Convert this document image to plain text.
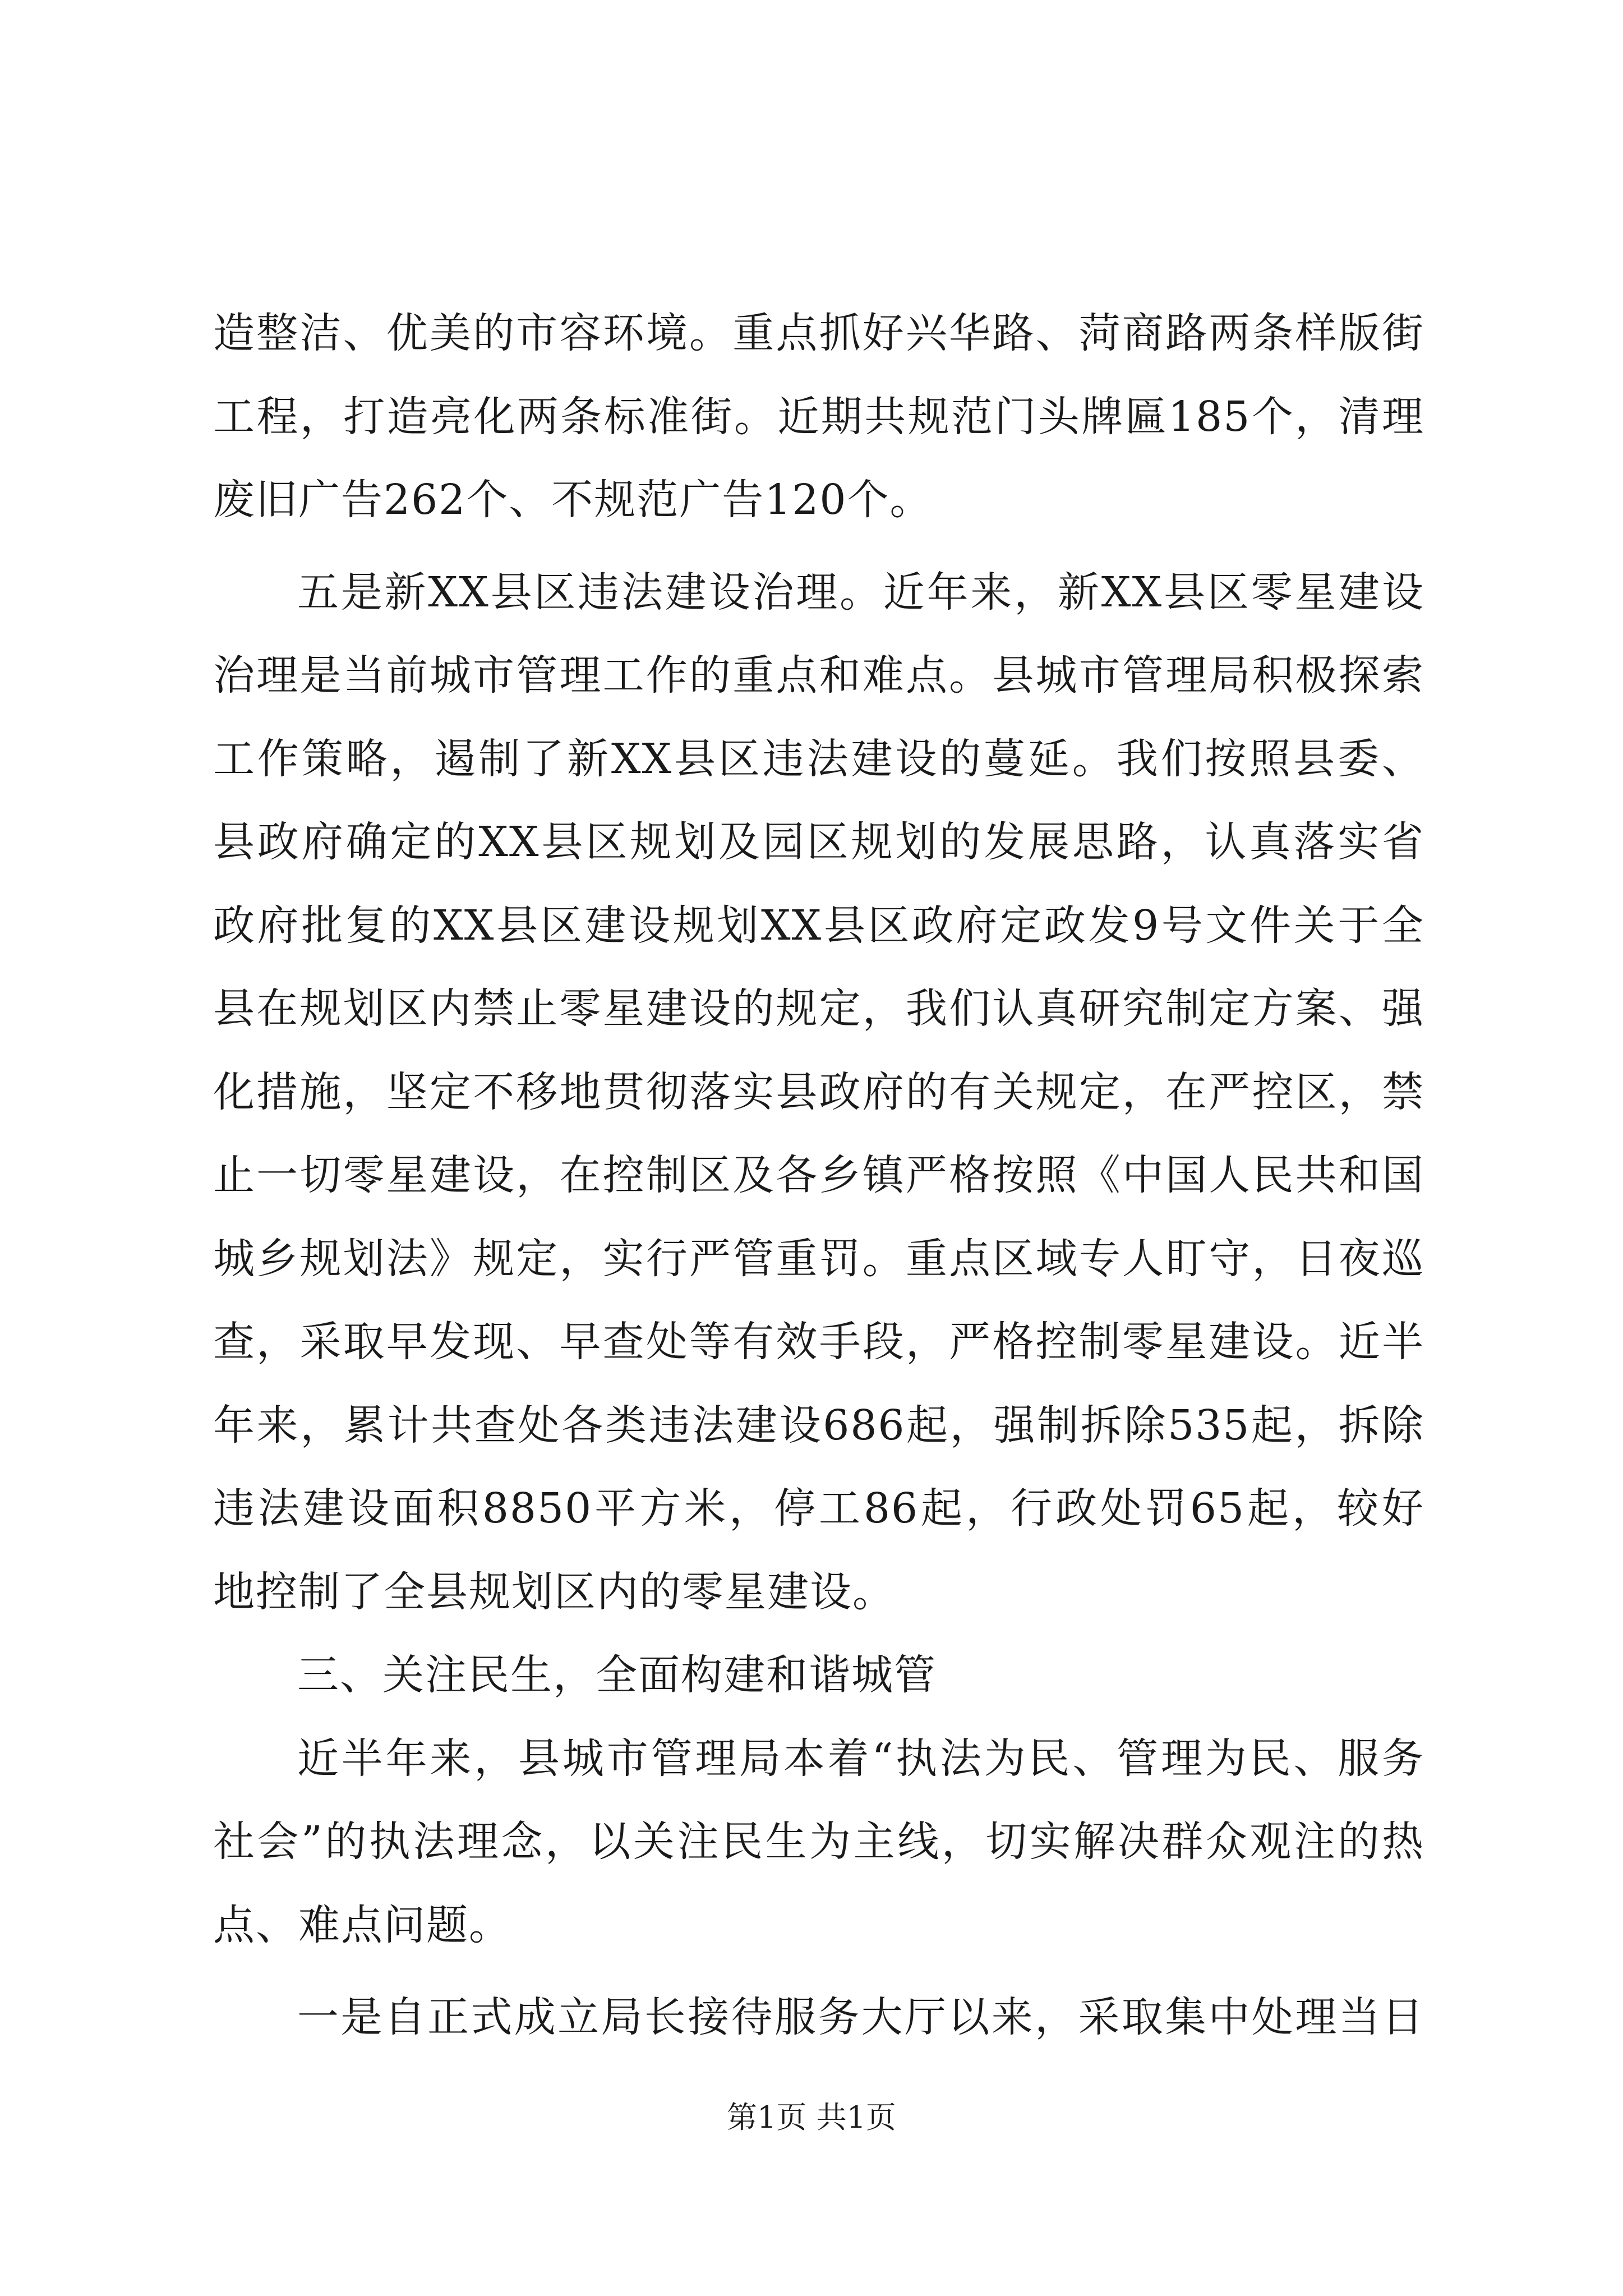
造整洁、优美的市容环境。重点抓好兴华路、菏商路两条样版街
工程，打造亮化两条标准街。近期共规范门头牌匾185个，清理
废旧广告262个、不规范广告120个。
五是新XX县区违法建设治理。近年来，新XX县区零星建设
治理是当前城市管理工作的重点和难点。县城市管理局积极探索
工作策略，遏制了新XX县区违法建设的蔓延。我们按照县委、
县政府确定的XX县区规划及园区规划的发展思路，认真落实省
政府批复的XX县区建设规划XX县区政府定政发9号文件关于全
县在规划区内禁止零星建设的规定，我们认真研究制定方案、强
化措施，坚定不移地贯彻落实县政府的有关规定，在严控区，禁
止一切零星建设，在控制区及各乡镇严格按照《中国人民共和国
城乡规划法》规定，实行严管重罚。重点区域专人盯守，日夜巡
查，采取早发现、早查处等有效手段，严格控制零星建设。近半
年来，累计共查处各类违法建设686起，强制拆除535起，拆除
违法建设面积8850平方米，停工86起，行政处罚65起，较好
地控制了全县规划区内的零星建设。
三、关注民生，全面构建和谐城管
近半年来，县城市管理局本着“执法为民、管理为民、服务
社会”的执法理念，以关注民生为主线，切实解决群众观注的热
点、难点问题。
一是自正式成立局长接待服务大厅以来，采取集中处理当日
第1页 共1页
